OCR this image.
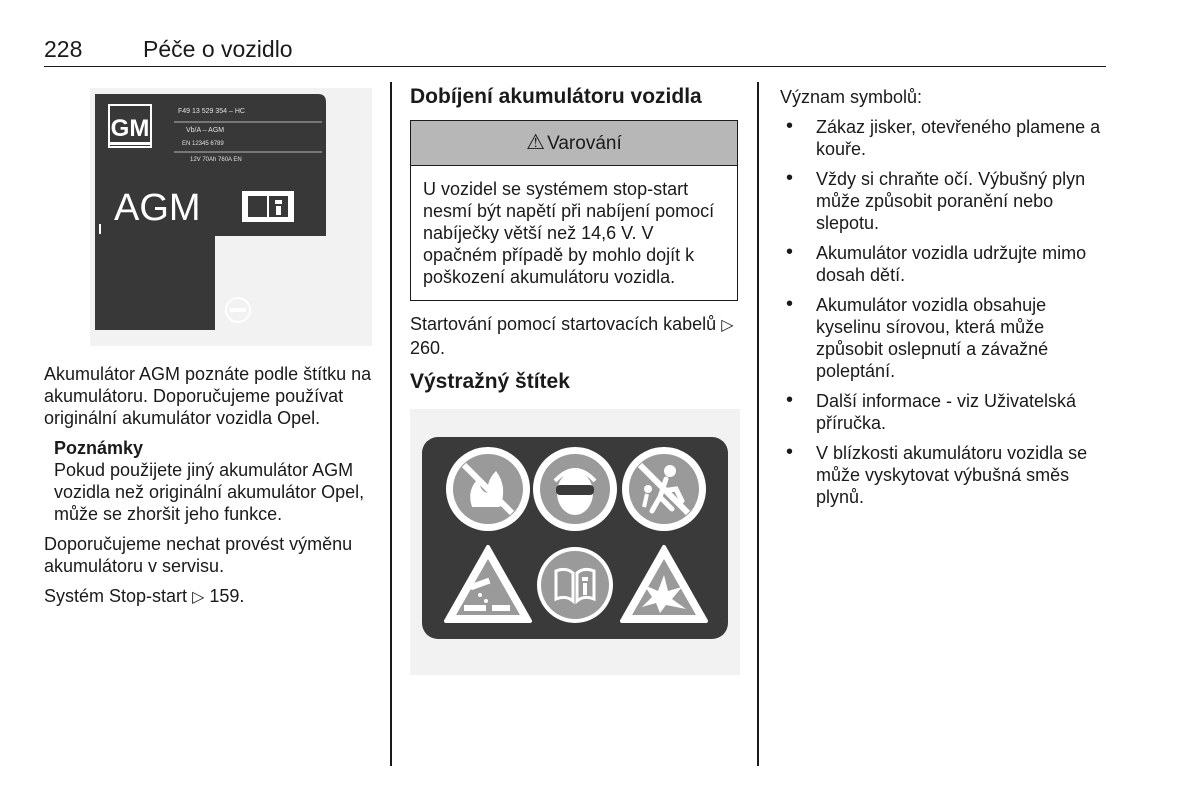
228	Péče o vozidlo
GM
F49 13 529 354 – HC
Vb/A – AGM
EN 12345 6789
12V 70Ah 760A EN
AGM

Akumulátor AGM poznáte podle štítku na akumulátoru. Doporučujeme používat originální akumulátor vozidla Opel.

Poznámky
Pokud použijete jiný akumulátor AGM vozidla než originální akumulátor Opel, může se zhoršit jeho funkce.

Doporučujeme nechat provést výměnu akumulátoru v servisu.

Systém Stop-start ▷ 159.

Dobíjení akumulátoru vozidla
⚠ Varování
U vozidel se systémem stop-start nesmí být napětí při nabíjení pomocí nabíječky větší než 14,6 V. V opačném případě by mohlo dojít k poškození akumulátoru vozidla.

Startování pomocí startovacích kabelů ▷ 260.

Výstražný štítek

Význam symbolů:

• Zákaz jisker, otevřeného plamene a kouře.
• Vždy si chraňte očí. Výbušný plyn může způsobit poranění nebo slepotu.
• Akumulátor vozidla udržujte mimo dosah dětí.
• Akumulátor vozidla obsahuje kyselinu sírovou, která může způsobit oslepnutí a závažné poleptání.
• Další informace - viz Uživatelská příručka.
• V blízkosti akumulátoru vozidla se může vyskytovat výbušná směs plynů.
